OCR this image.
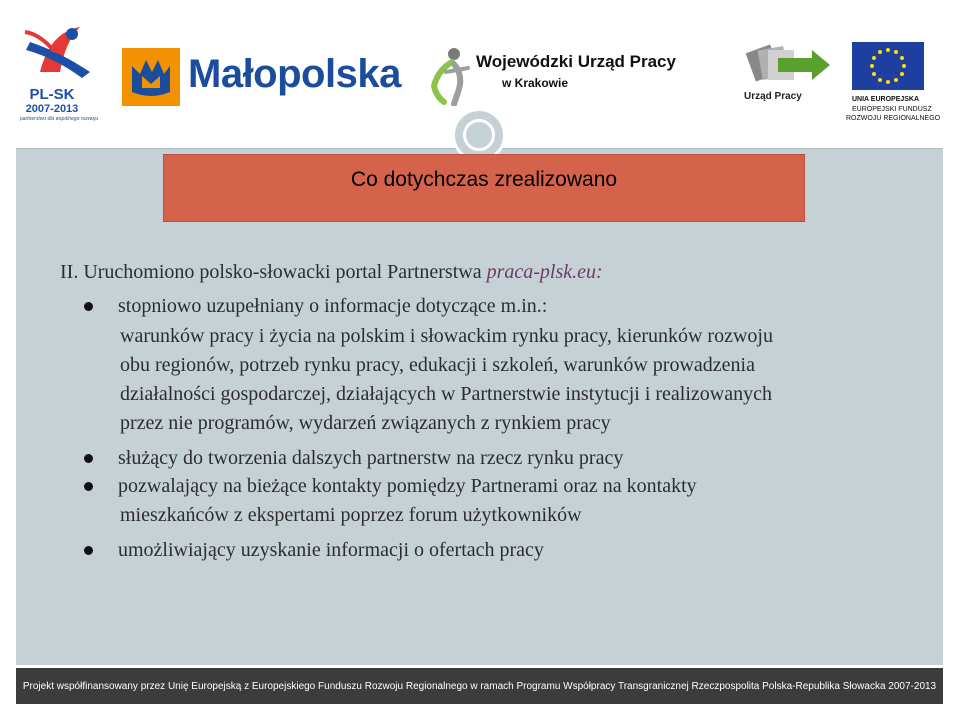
PL-SK
2007-2013
partnerstwo dla wspólnego rozwoju
Małopolska	Wojewódzki Urząd Pracy
w Krakowie
Urząd Pracy	UNIA EUROPEJSKA
EUROPEJSKI FUNDUSZ
ROZWOJU REGIONALNEGO
Co dotychczas zrealizowano
II. Uruchomiono polsko-słowacki portal Partnerstwa praca-plsk.eu:
stopniowo uzupełniany o informacje dotyczące m.in.:
warunków pracy i życia na polskim i słowackim rynku pracy, kierunków rozwoju
obu regionów, potrzeb rynku pracy, edukacji i szkoleń, warunków prowadzenia
działalności gospodarczej, działających w Partnerstwie instytucji i realizowanych
przez nie programów, wydarzeń związanych z rynkiem pracy
służący do tworzenia dalszych partnerstw na rzecz rynku pracy
pozwalający na bieżące kontakty pomiędzy Partnerami oraz na kontakty
mieszkańców z ekspertami poprzez forum użytkowników
umożliwiający uzyskanie informacji o ofertach pracy
Projekt współfinansowany przez Unię Europejską z Europejskiego Funduszu Rozwoju Regionalnego w ramach Programu Współpracy Transgranicznej Rzeczpospolita Polska-Republika Słowacka 2007-2013
